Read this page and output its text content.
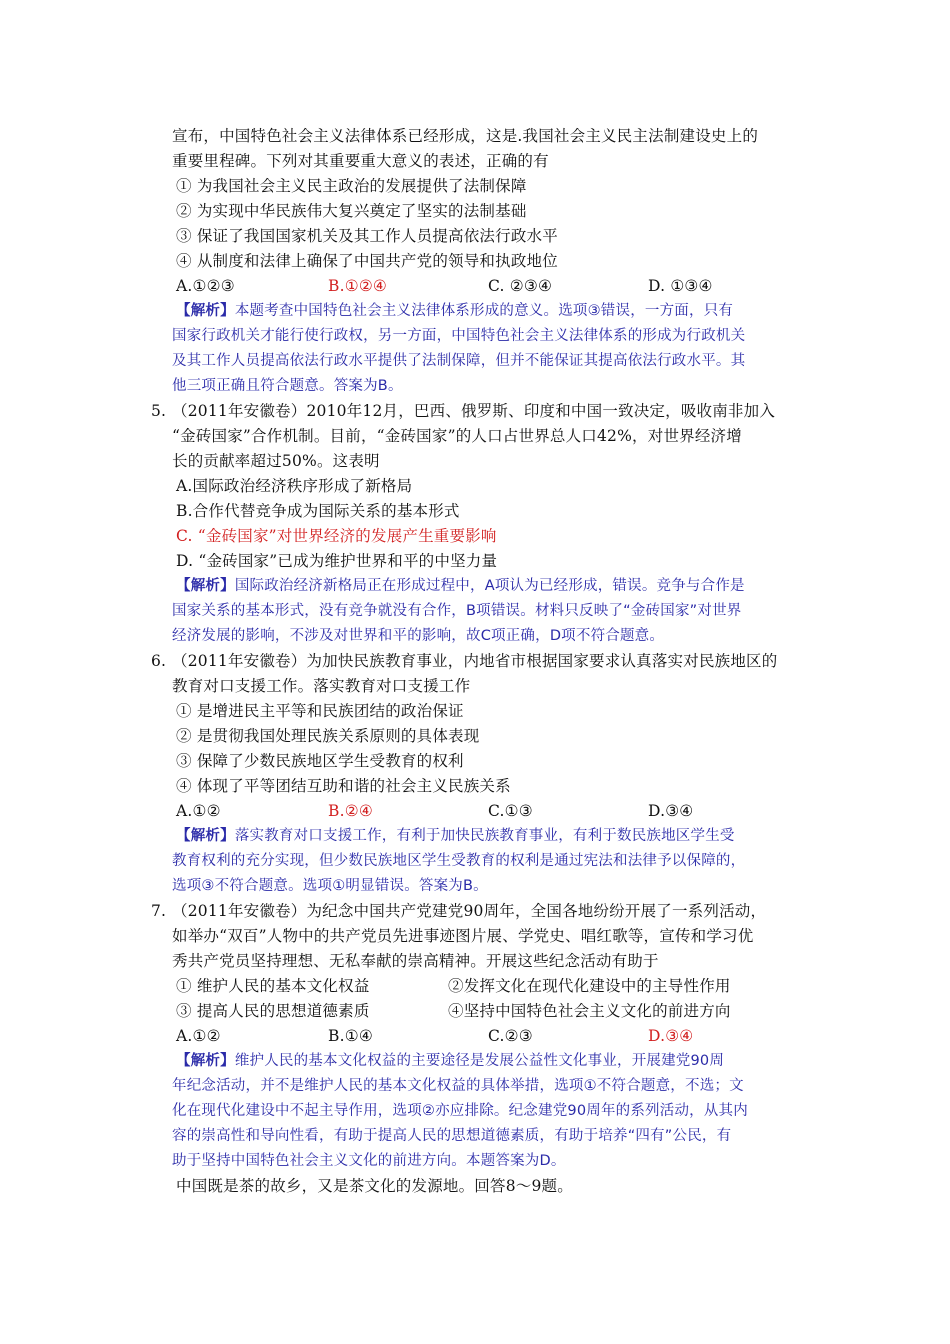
宣布，中国特色社会主义法律体系已经形成，这是.我国社会主义民主法制建设史上的
重要里程碑。下列对其重要重大意义的表述，正确的有
① 为我国社会主义民主政治的发展提供了法制保障
② 为实现中华民族伟大复兴奠定了坚实的法制基础
③ 保证了我国国家机关及其工作人员提高依法行政水平
④ 从制度和法律上确保了中国共产党的领导和执政地位
A.①②③	B.①②④	C. ②③④	D. ①③④
【解析】本题考查中国特色社会主义法律体系形成的意义。选项③错误，一方面，只有
国家行政机关才能行使行政权，另一方面，中国特色社会主义法律体系的形成为行政机关
及其工作人员提高依法行政水平提供了法制保障，但并不能保证其提高依法行政水平。其
他三项正确且符合题意。答案为B。
5. （2011年安徽卷）2010年12月，巴西、俄罗斯、印度和中国一致决定，吸收南非加入
“金砖国家”合作机制。目前，“金砖国家”的人口占世界总人口42%，对世界经济增
长的贡献率超过50%。这表明
A.国际政治经济秩序形成了新格局
B.合作代替竞争成为国际关系的基本形式
C. “金砖国家”对世界经济的发展产生重要影响
D. “金砖国家”已成为维护世界和平的中坚力量
【解析】国际政治经济新格局正在形成过程中，A项认为已经形成，错误。竞争与合作是
国家关系的基本形式，没有竞争就没有合作，B项错误。材料只反映了“金砖国家”对世界
经济发展的影响，不涉及对世界和平的影响，故C项正确，D项不符合题意。
6. （2011年安徽卷）为加快民族教育事业，内地省市根据国家要求认真落实对民族地区的
教育对口支援工作。落实教育对口支援工作
① 是增进民主平等和民族团结的政治保证
② 是贯彻我国处理民族关系原则的具体表现
③ 保障了少数民族地区学生受教育的权利
④ 体现了平等团结互助和谐的社会主义民族关系
A.①②	B.②④	C.①③	D.③④
【解析】落实教育对口支援工作，有利于加快民族教育事业，有利于数民族地区学生受
教育权利的充分实现，但少数民族地区学生受教育的权利是通过宪法和法律予以保障的，
选项③不符合题意。选项①明显错误。答案为B。
7. （2011年安徽卷）为纪念中国共产党建党90周年，全国各地纷纷开展了一系列活动，
如举办“双百”人物中的共产党员先进事迹图片展、学党史、唱红歌等，宣传和学习优
秀共产党员坚持理想、无私奉献的崇高精神。开展这些纪念活动有助于
① 维护人民的基本文化权益	②发挥文化在现代化建设中的主导性作用
③ 提高人民的思想道德素质	④坚持中国特色社会主义文化的前进方向
A.①②	B.①④	C.②③	D.③④
【解析】维护人民的基本文化权益的主要途径是发展公益性文化事业，开展建党90周
年纪念活动，并不是维护人民的基本文化权益的具体举措，选项①不符合题意，不选；文
化在现代化建设中不起主导作用，选项②亦应排除。纪念建党90周年的系列活动，从其内
容的崇高性和导向性看，有助于提高人民的思想道德素质，有助于培养“四有”公民，有
助于坚持中国特色社会主义文化的前进方向。本题答案为D。
中国既是茶的故乡，又是茶文化的发源地。回答8～9题。
